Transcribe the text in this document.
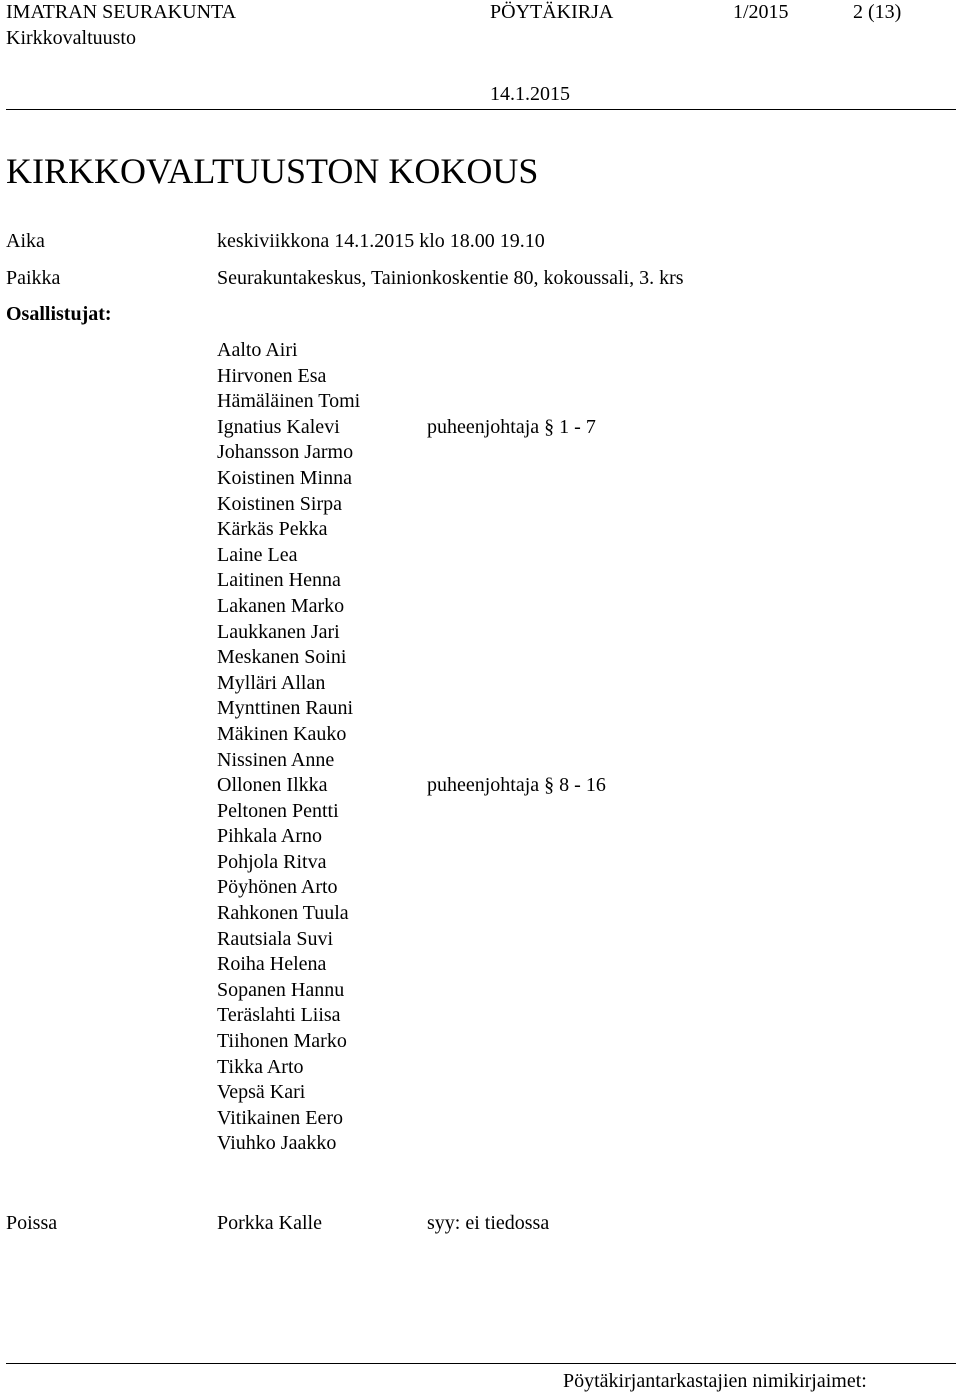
IMATRAN SEURAKUNTA	PÖYTÄKIRJA	1/2015	2 (13)
Kirkkovaltuusto
14.1.2015
KIRKKOVALTUUSTON KOKOUS
Aika	keskiviikkona 14.1.2015 klo 18.00 19.10
Paikka	Seurakuntakeskus, Tainionkoskentie 80, kokoussali, 3. krs
Osallistujat:
Aalto Airi
Hirvonen Esa
Hämäläinen Tomi
Ignatius Kalevi	puheenjohtaja § 1 - 7
Johansson Jarmo
Koistinen Minna
Koistinen Sirpa
Kärkäs Pekka
Laine Lea
Laitinen Henna
Lakanen Marko
Laukkanen Jari
Meskanen Soini
Mylläri Allan
Mynttinen Rauni
Mäkinen Kauko
Nissinen Anne
Ollonen Ilkka	puheenjohtaja § 8 - 16
Peltonen Pentti
Pihkala Arno
Pohjola Ritva
Pöyhönen Arto
Rahkonen Tuula
Rautsiala Suvi
Roiha Helena
Sopanen Hannu
Teräslahti Liisa
Tiihonen Marko
Tikka Arto
Vepsä Kari
Vitikainen Eero
Viuhko Jaakko
Poissa	Porkka Kalle	syy: ei tiedossa
Pöytäkirjantarkastajien nimikirjaimet:
